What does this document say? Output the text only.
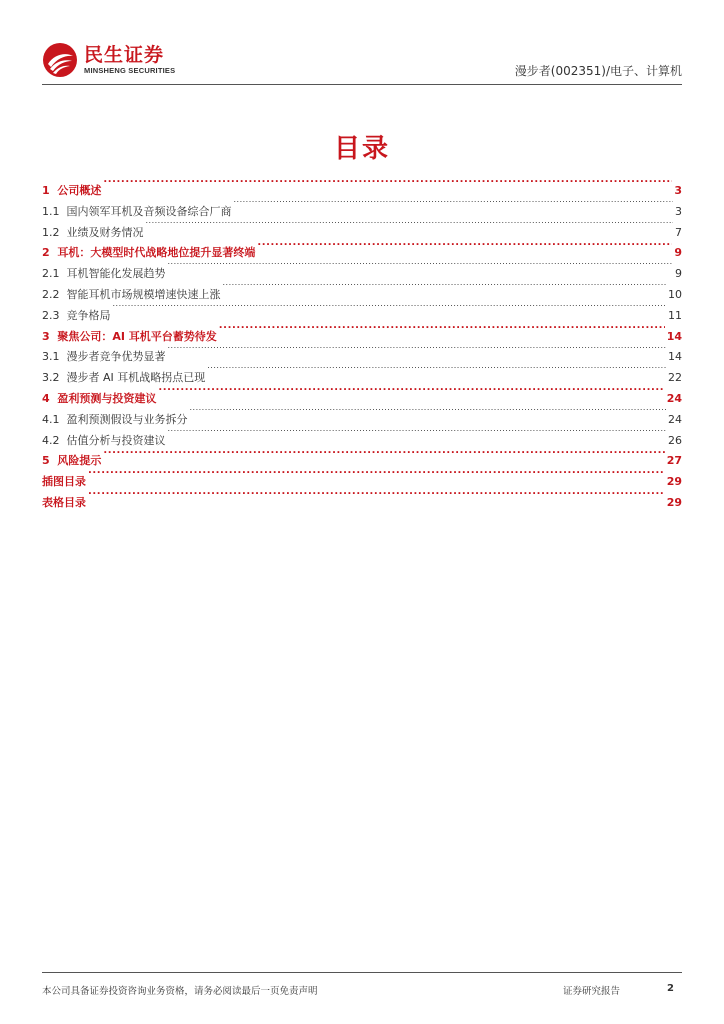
民生证券
MINSHENG SECURITIES	漫步者(002351)/电子、计算机
目录
1 公司概述 .....	3
1.1 国内领军耳机及音频设备综合厂商 .....	3
1.2 业绩及财务情况 .....	7
2 耳机：大模型时代战略地位提升显著终端 .....	9
2.1 耳机智能化发展趋势 .....	9
2.2 智能耳机市场规模增速快速上涨 .....	10
2.3 竞争格局 .....	11
3 聚焦公司：AI 耳机平台蓄势待发 .....	14
3.1 漫步者竞争优势显著 .....	14
3.2 漫步者 AI 耳机战略拐点已现 .....	22
4 盈利预测与投资建议 .....	24
4.1 盈利预测假设与业务拆分 .....	24
4.2 估值分析与投资建议 .....	26
5 风险提示 .....	27
插图目录 .....	29
表格目录 .....	29
本公司具备证券投资咨询业务资格，请务必阅读最后一页免责声明	证券研究报告	2
